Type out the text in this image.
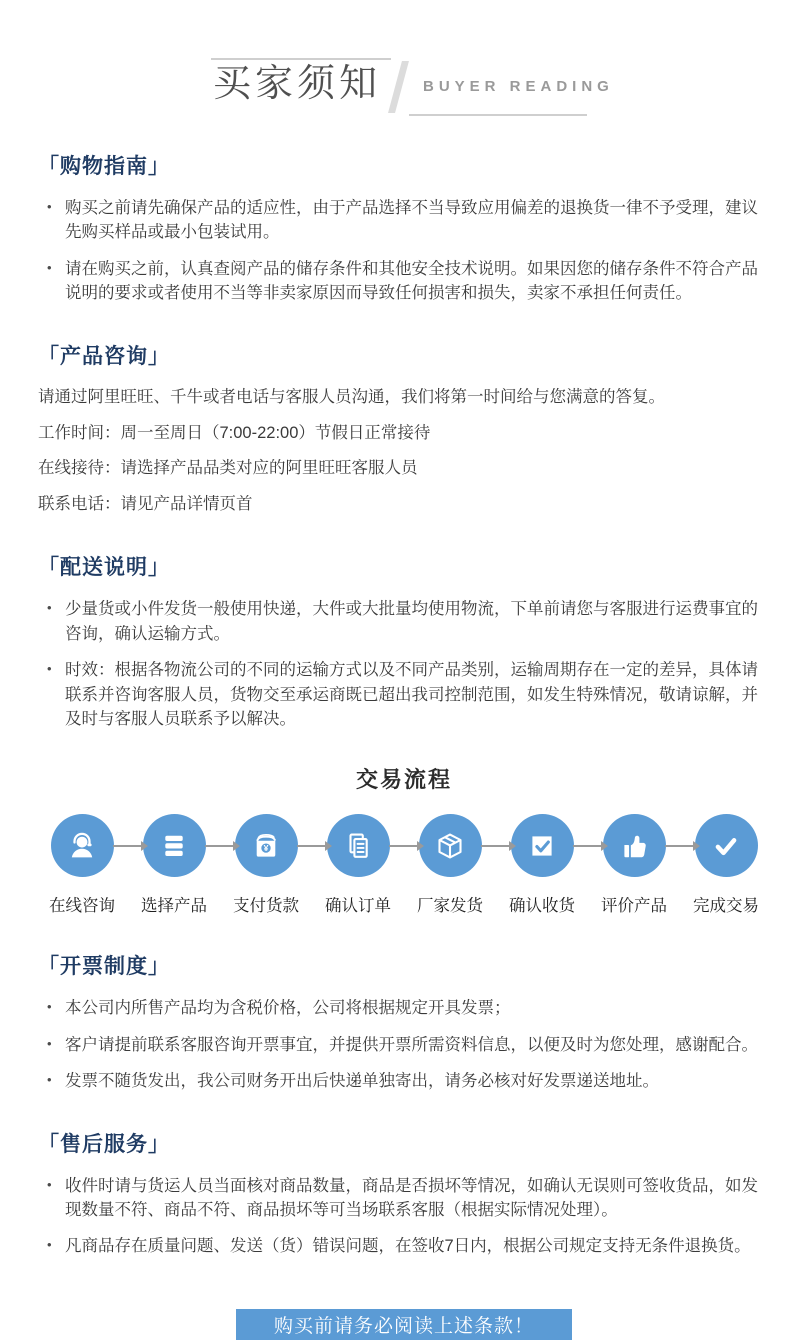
买家须知	BUYER READING
「购物指南」
• 购买之前请先确保产品的适应性，由于产品选择不当导致应用偏差的退换货一律不予受理，建议先购买样品或最小包装试用。
• 请在购买之前，认真查阅产品的储存条件和其他安全技术说明。如果因您的储存条件不符合产品说明的要求或者使用不当等非卖家原因而导致任何损害和损失，卖家不承担任何责任。
「产品咨询」

请通过阿里旺旺、千牛或者电话与客服人员沟通，我们将第一时间给与您满意的答复。

工作时间：周一至周日（7:00-22:00）节假日正常接待

在线接待：请选择产品品类对应的阿里旺旺客服人员

联系电话：请见产品详情页首

「配送说明」
• 少量货或小件发货一般使用快递，大件或大批量均使用物流，下单前请您与客服进行运费事宜的咨询，确认运输方式。
• 时效：根据各物流公司的不同的运输方式以及不同产品类别，运输周期存在一定的差异，具体请联系并咨询客服人员，货物交至承运商既已超出我司控制范围，如发生特殊情况，敬请谅解，并及时与客服人员联系予以解决。
交易流程
在线咨询 选择产品
¥
支付货款 确认订单 厂家发货 确认收货 评价产品 完成交易
「开票制度」
• 本公司内所售产品均为含税价格，公司将根据规定开具发票；
• 客户请提前联系客服咨询开票事宜，并提供开票所需资料信息，以便及时为您处理，感谢配合。
• 发票不随货发出，我公司财务开出后快递单独寄出，请务必核对好发票递送地址。
「售后服务」
• 收件时请与货运人员当面核对商品数量，商品是否损坏等情况，如确认无误则可签收货品，如发现数量不符、商品不符、商品损坏等可当场联系客服（根据实际情况处理）。
• 凡商品存在质量问题、发送（货）错误问题，在签收7日内，根据公司规定支持无条件退换货。
购买前请务必阅读上述条款！
